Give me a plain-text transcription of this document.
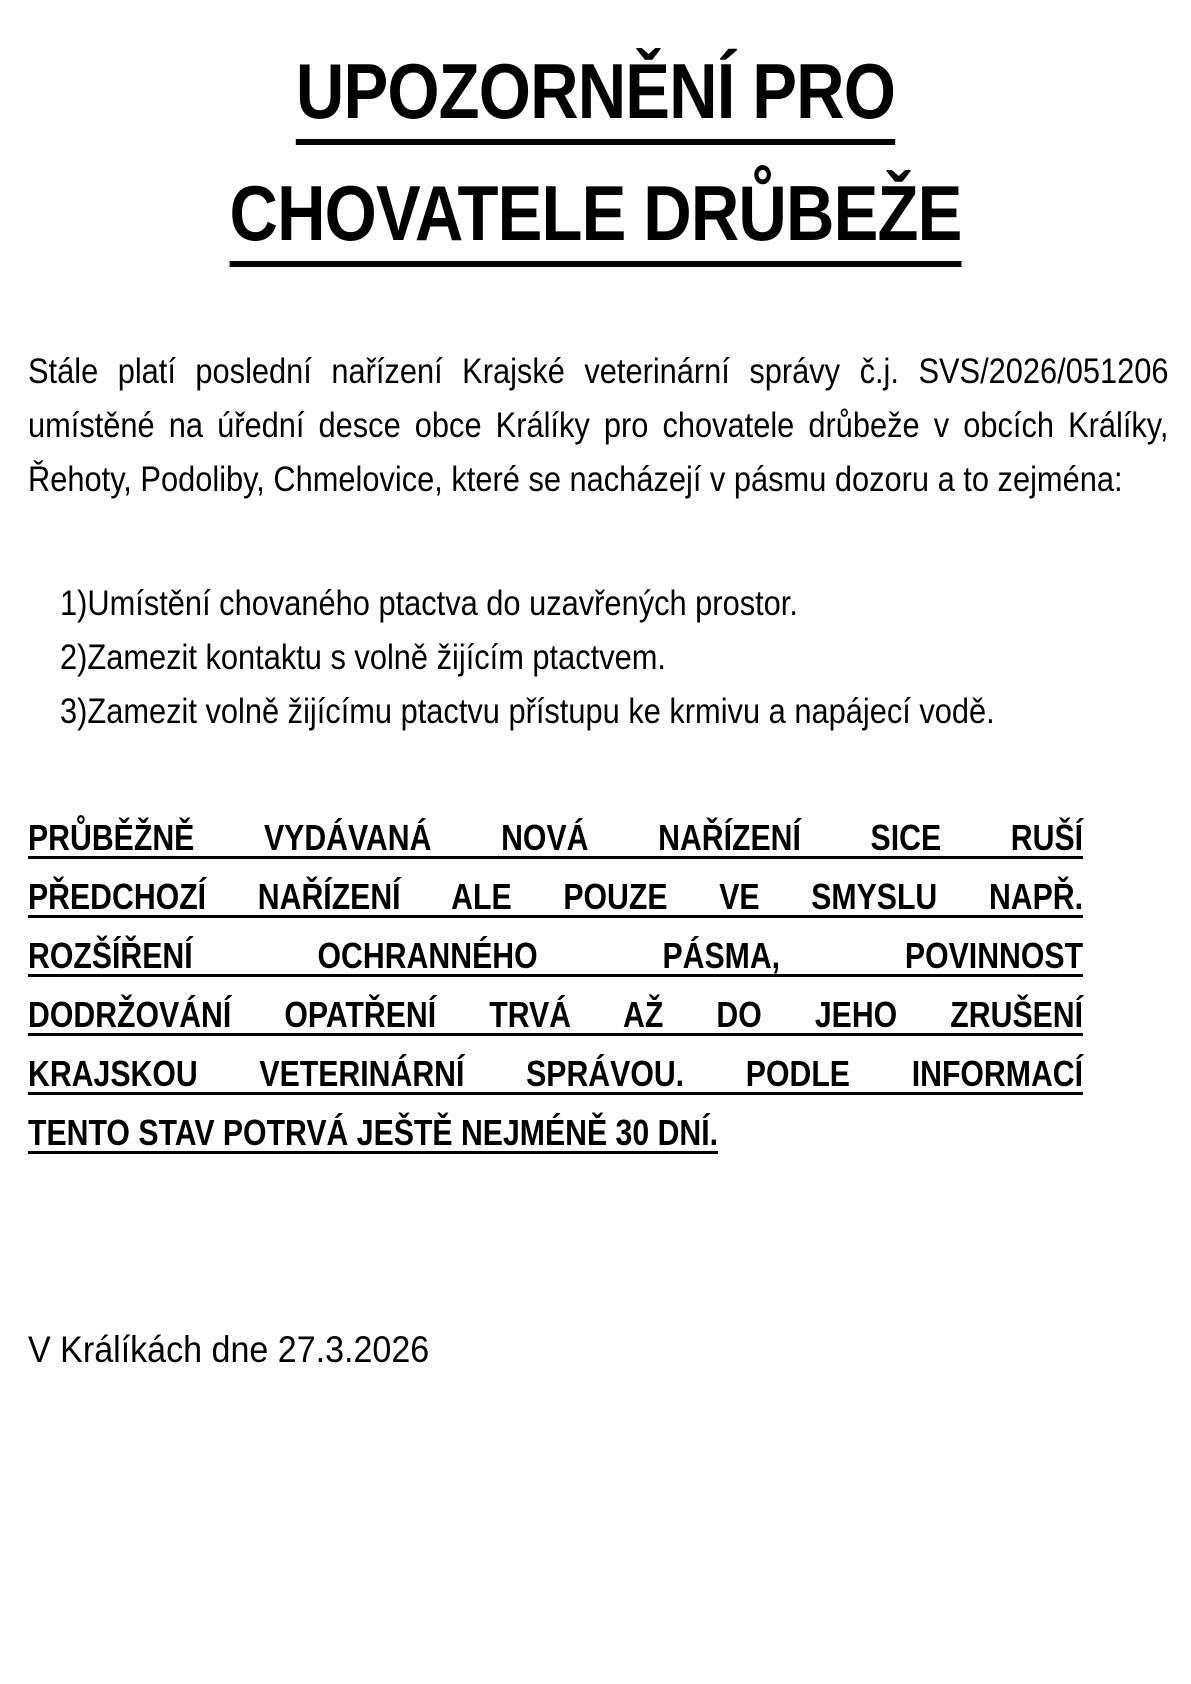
UPOZORNĚNÍ PRO
CHOVATELE DRŮBEŽE

Stále platí poslední nařízení Krajské veterinární správy č.j. SVS/2026/051206 umístěné na úřední desce obce Králíky pro chovatele drůbeže v obcích Králíky, Řehoty, Podoliby, Chmelovice, které se nacházejí v pásmu dozoru a to zejména:

1) Umístění chovaného ptactva do uzavřených prostor.
2) Zamezit kontaktu s volně žijícím ptactvem.
3) Zamezit volně žijícímu ptactvu přístupu ke krmivu a napájecí vodě.
PRŮBĚŽNĚ VYDÁVANÁ NOVÁ NAŘÍZENÍ SICE RUŠÍ
PŘEDCHOZÍ NAŘÍZENÍ ALE POUZE VE SMYSLU NAPŘ.
ROZŠÍŘENÍ OCHRANNÉHO PÁSMA, POVINNOST
DODRŽOVÁNÍ OPATŘENÍ TRVÁ AŽ DO JEHO ZRUŠENÍ
KRAJSKOU VETERINÁRNÍ SPRÁVOU. PODLE INFORMACÍ
TENTO STAV POTRVÁ JEŠTĚ NEJMÉNĚ 30 DNÍ.
V Králíkách dne 27.3.2026
